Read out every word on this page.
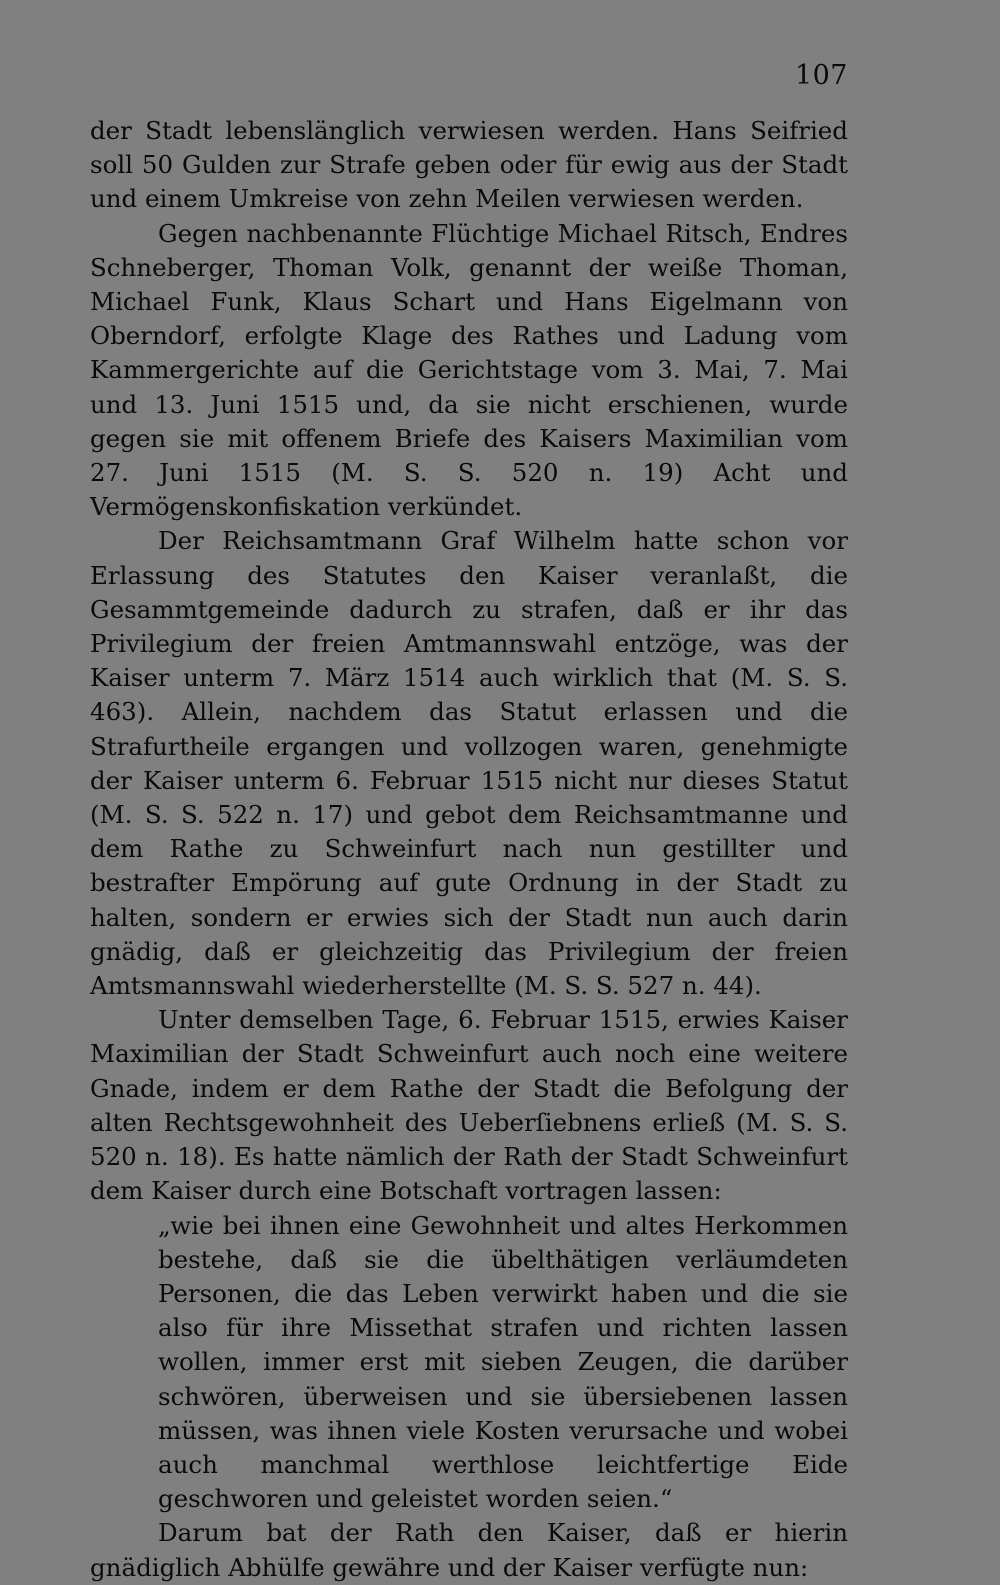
107

der Stadt lebenslänglich verwiesen werden. Hans Seifried soll 50 Gulden zur Strafe geben oder für ewig aus der Stadt und einem Umkreise von zehn Meilen verwiesen werden.

Gegen nachbenannte Flüchtige Michael Ritsch, Endres Schneberger, Thoman Volk, genannt der weiße Thoman, Michael Funk, Klaus Schart und Hans Eigelmann von Oberndorf, erfolgte Klage des Rathes und Ladung vom Kammergerichte auf die Gerichtstage vom 3. Mai, 7. Mai und 13. Juni 1515 und, da sie nicht erschienen, wurde gegen sie mit offenem Briefe des Kaisers Maximilian vom 27. Juni 1515 (M. S. S. 520 n. 19) Acht und Vermögenskonfiskation verkündet.

Der Reichsamtmann Graf Wilhelm hatte schon vor Erlassung des Statutes den Kaiser veranlaßt, die Gesammtgemeinde dadurch zu strafen, daß er ihr das Privilegium der freien Amtmannswahl entzöge, was der Kaiser unterm 7. März 1514 auch wirklich that (M. S. S. 463). Allein, nachdem das Statut erlassen und die Strafurtheile ergangen und vollzogen waren, genehmigte der Kaiser unterm 6. Februar 1515 nicht nur dieses Statut (M. S. S. 522 n. 17) und gebot dem Reichsamtmanne und dem Rathe zu Schweinfurt nach nun gestillter und bestrafter Empörung auf gute Ordnung in der Stadt zu halten, sondern er erwies sich der Stadt nun auch darin gnädig, daß er gleichzeitig das Privilegium der freien Amtsmannswahl wiederherstellte (M. S. S. 527 n. 44).

Unter demselben Tage, 6. Februar 1515, erwies Kaiser Maximilian der Stadt Schweinfurt auch noch eine weitere Gnade, indem er dem Rathe der Stadt die Befolgung der alten Rechtsgewohnheit des Ueberſiebnens erließ (M. S. S. 520 n. 18). Es hatte nämlich der Rath der Stadt Schweinfurt dem Kaiser durch eine Botschaft vortragen lassen:

„wie bei ihnen eine Gewohnheit und altes Herkommen bestehe, daß sie die übelthätigen verläumdeten Personen, die das Leben verwirkt haben und die sie also für ihre Missethat strafen und richten lassen wollen, immer erst mit sieben Zeugen, die darüber schwören, überweisen und sie übersiebenen lassen müssen, was ihnen viele Kosten verursache und wobei auch manchmal werthlose leichtfertige Eide geschworen und geleistet worden seien.“

Darum bat der Rath den Kaiser, daß er hierin gnädiglich Abhülfe gewähre und der Kaiser verfügte nun:
